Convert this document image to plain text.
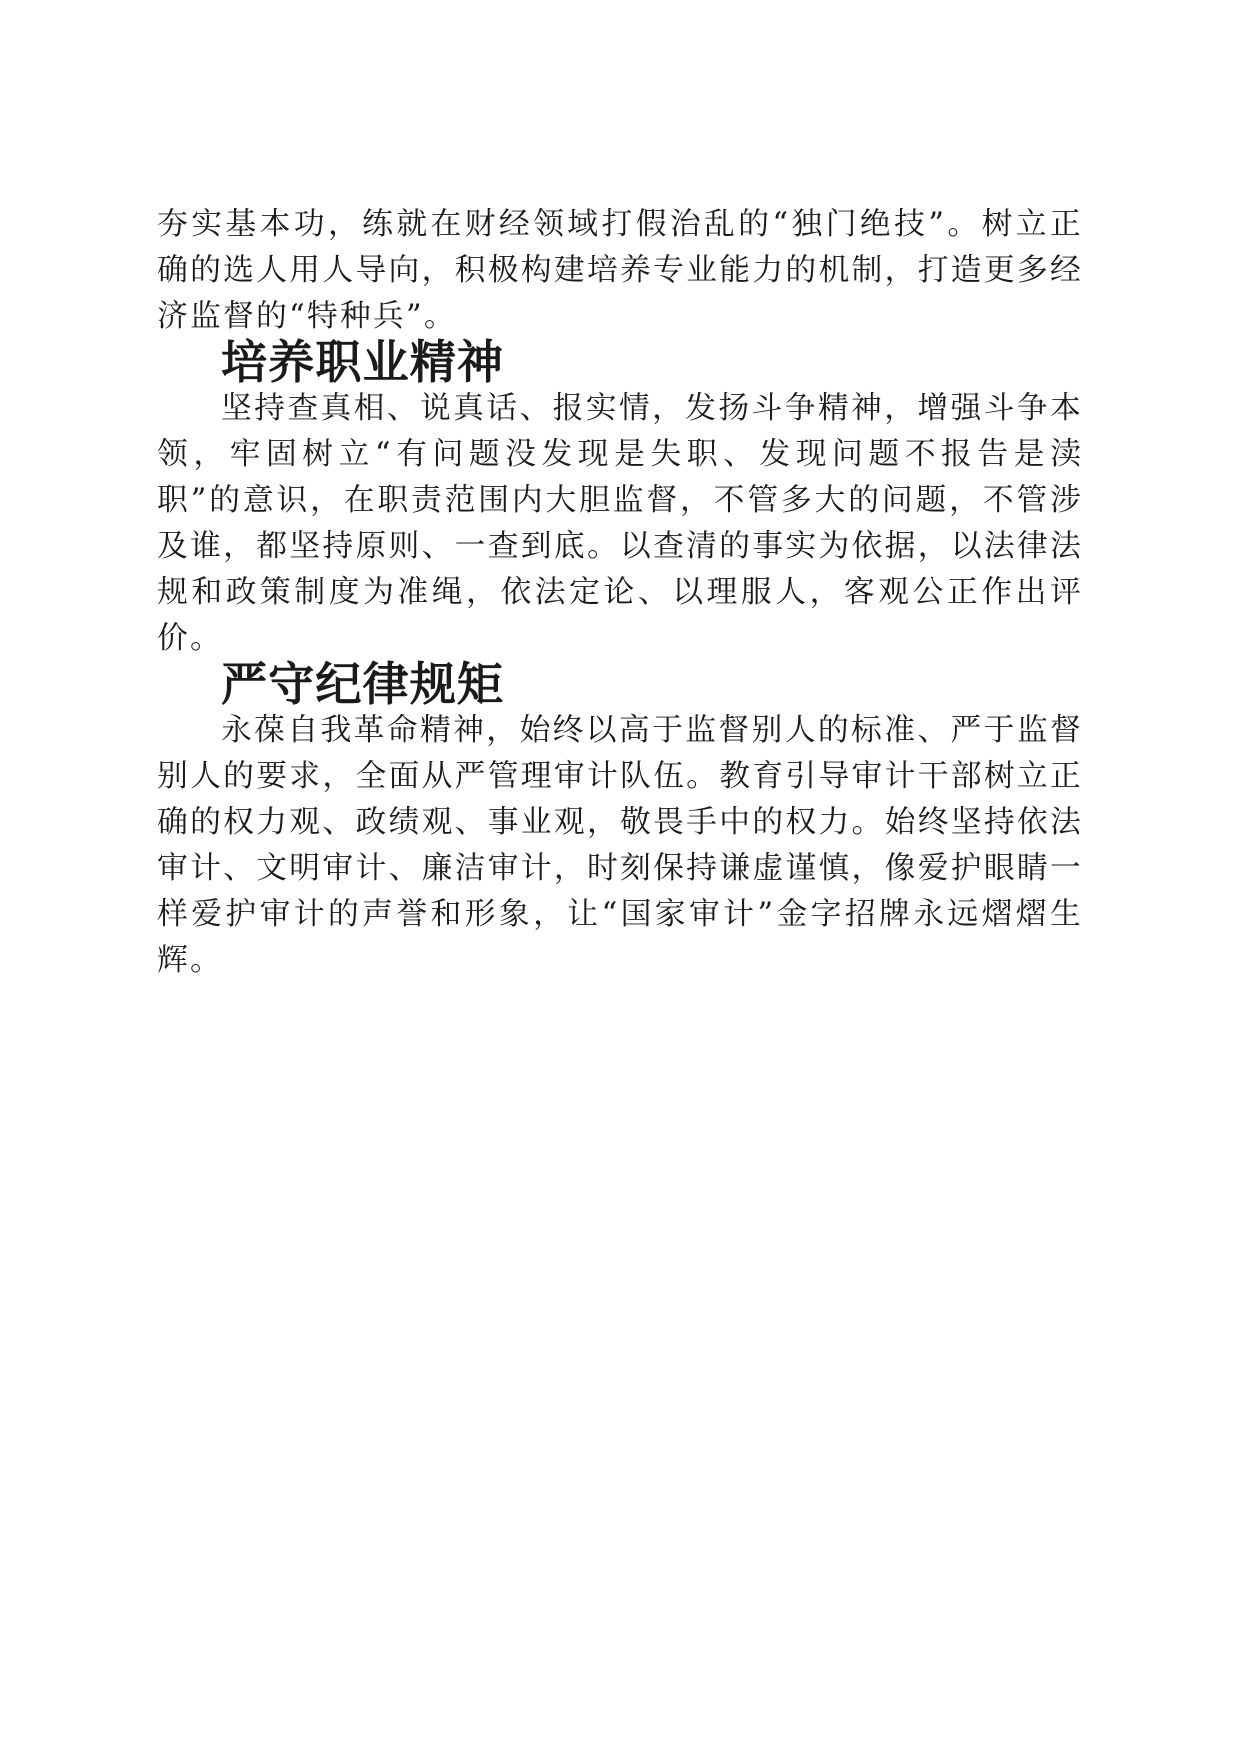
夯实基本功，练就在财经领域打假治乱的“独门绝技”。树立正确的选人用人导向，积极构建培养专业能力的机制，打造更多经济监督的“特种兵”。

培养职业精神

坚持查真相、说真话、报实情，发扬斗争精神，增强斗争本领，牢固树立“有问题没发现是失职、发现问题不报告是渎职”的意识，在职责范围内大胆监督，不管多大的问题，不管涉及谁，都坚持原则、一查到底。以查清的事实为依据，以法律法规和政策制度为准绳，依法定论、以理服人，客观公正作出评价。

严守纪律规矩

永葆自我革命精神，始终以高于监督别人的标准、严于监督别人的要求，全面从严管理审计队伍。教育引导审计干部树立正确的权力观、政绩观、事业观，敬畏手中的权力。始终坚持依法审计、文明审计、廉洁审计，时刻保持谦虚谨慎，像爱护眼睛一样爱护审计的声誉和形象，让“国家审计”金字招牌永远熠熠生辉。
